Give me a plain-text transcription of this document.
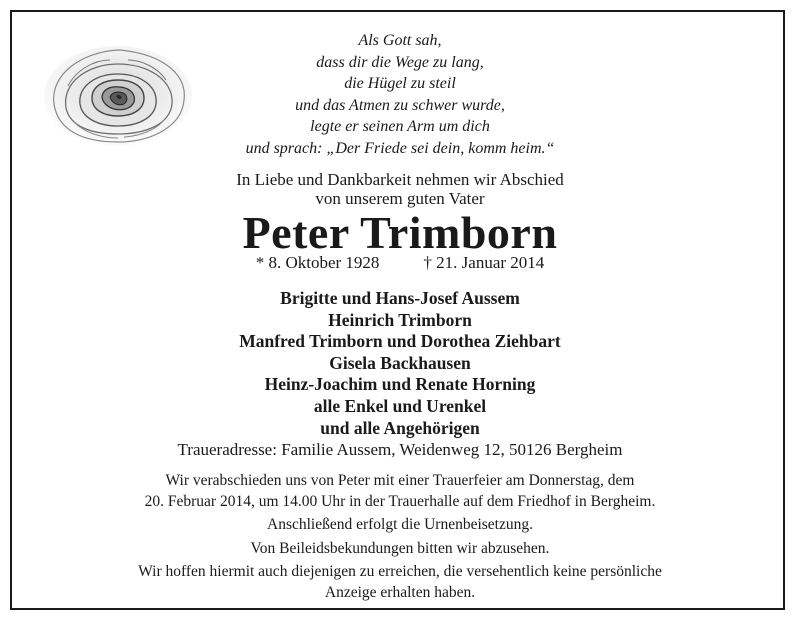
Als Gott sah,
dass dir die Wege zu lang,
die Hügel zu steil
und das Atmen zu schwer wurde,
legte er seinen Arm um dich
und sprach: „Der Friede sei dein, komm heim.“
In Liebe und Dankbarkeit nehmen wir Abschied
von unserem guten Vater
Peter Trimborn
* 8. Oktober 1928	† 21. Januar 2014
Brigitte und Hans-Josef Aussem
Heinrich Trimborn
Manfred Trimborn und Dorothea Ziehbart
Gisela Backhausen
Heinz-Joachim und Renate Horning
alle Enkel und Urenkel
und alle Angehörigen
Traueradresse: Familie Aussem, Weidenweg 12, 50126 Bergheim
Wir verabschieden uns von Peter mit einer Trauerfeier am Donnerstag, dem
20. Februar 2014, um 14.00 Uhr in der Trauerhalle auf dem Friedhof in Bergheim.
Anschließend erfolgt die Urnenbeisetzung.
Von Beileidsbekundungen bitten wir abzusehen.
Wir hoffen hiermit auch diejenigen zu erreichen, die versehentlich keine persönliche
Anzeige erhalten haben.
